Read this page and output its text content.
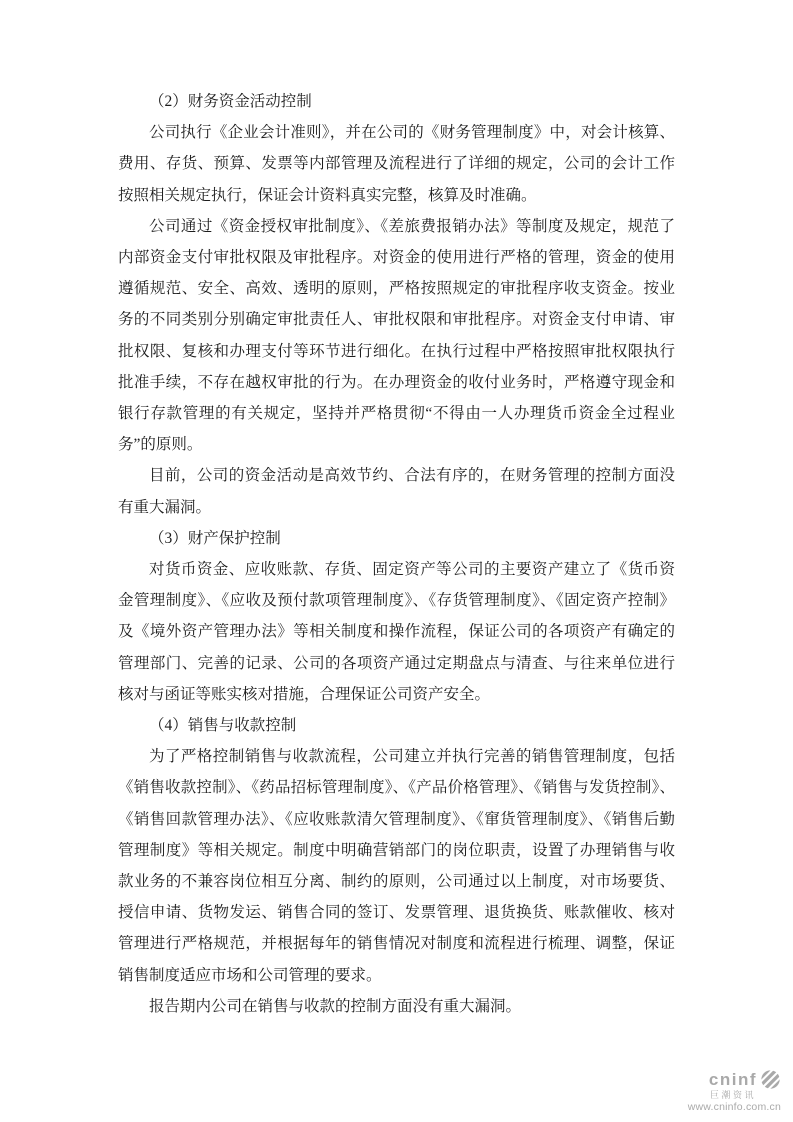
（2）财务资金活动控制

公司执行《企业会计准则》，并在公司的《财务管理制度》中，对会计核算、费用、存货、预算、发票等内部管理及流程进行了详细的规定，公司的会计工作按照相关规定执行，保证会计资料真实完整，核算及时准确。

公司通过《资金授权审批制度》、《差旅费报销办法》等制度及规定，规范了内部资金支付审批权限及审批程序。对资金的使用进行严格的管理，资金的使用遵循规范、安全、高效、透明的原则，严格按照规定的审批程序收支资金。按业务的不同类别分别确定审批责任人、审批权限和审批程序。对资金支付申请、审批权限、复核和办理支付等环节进行细化。在执行过程中严格按照审批权限执行批准手续，不存在越权审批的行为。在办理资金的收付业务时，严格遵守现金和银行存款管理的有关规定，坚持并严格贯彻“不得由一人办理货币资金全过程业务”的原则。

目前，公司的资金活动是高效节约、合法有序的，在财务管理的控制方面没有重大漏洞。

（3）财产保护控制

对货币资金、应收账款、存货、固定资产等公司的主要资产建立了《货币资金管理制度》、《应收及预付款项管理制度》、《存货管理制度》、《固定资产控制》及《境外资产管理办法》等相关制度和操作流程，保证公司的各项资产有确定的管理部门、完善的记录、公司的各项资产通过定期盘点与清查、与往来单位进行核对与函证等账实核对措施，合理保证公司资产安全。

（4）销售与收款控制

为了严格控制销售与收款流程，公司建立并执行完善的销售管理制度，包括《销售收款控制》、《药品招标管理制度》、《产品价格管理》、《销售与发货控制》、《销售回款管理办法》、《应收账款清欠管理制度》、《窜货管理制度》、《销售后勤管理制度》等相关规定。制度中明确营销部门的岗位职责，设置了办理销售与收款业务的不兼容岗位相互分离、制约的原则，公司通过以上制度，对市场要货、授信申请、货物发运、销售合同的签订、发票管理、退货换货、账款催收、核对管理进行严格规范，并根据每年的销售情况对制度和流程进行梳理、调整，保证销售制度适应市场和公司管理的要求。

报告期内公司在销售与收款的控制方面没有重大漏洞。

cninf
巨潮资讯
www.cninfo.com.cn
